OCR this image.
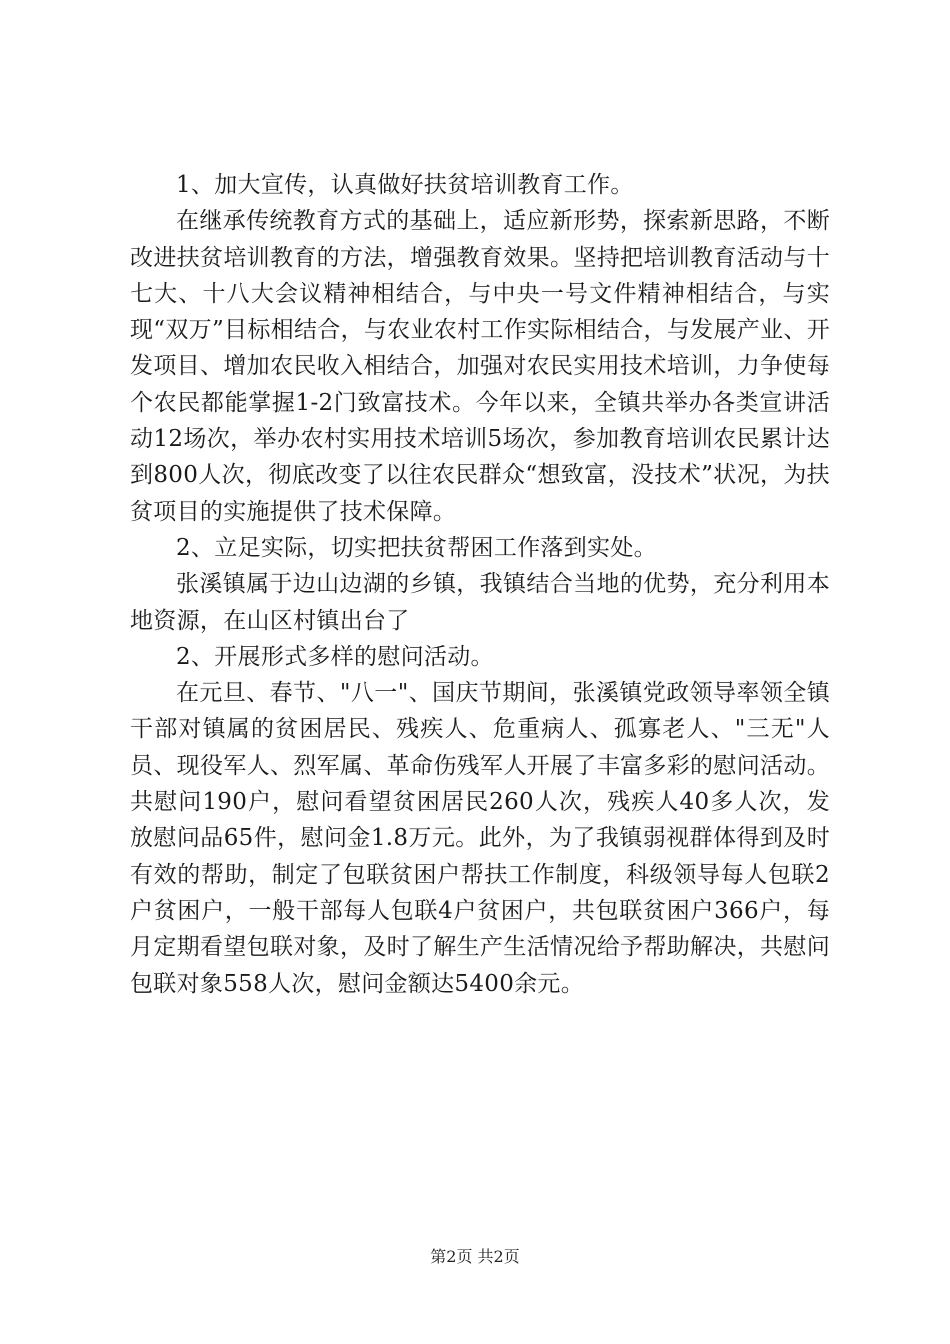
1、加大宣传，认真做好扶贫培训教育工作。

在继承传统教育方式的基础上，适应新形势，探索新思路，不断改进扶贫培训教育的方法，增强教育效果。坚持把培训教育活动与十七大、十八大会议精神相结合，与中央一号文件精神相结合，与实现“双万”目标相结合，与农业农村工作实际相结合，与发展产业、开发项目、增加农民收入相结合，加强对农民实用技术培训，力争使每个农民都能掌握1-2门致富技术。今年以来，全镇共举办各类宣讲活动12场次，举办农村实用技术培训5场次，参加教育培训农民累计达到800人次，彻底改变了以往农民群众“想致富，没技术”状况，为扶贫项目的实施提供了技术保障。

2、立足实际，切实把扶贫帮困工作落到实处。

张溪镇属于边山边湖的乡镇，我镇结合当地的优势，充分利用本地资源，在山区村镇出台了

2、开展形式多样的慰问活动。

在元旦、春节、"八一"、国庆节期间，张溪镇党政领导率领全镇干部对镇属的贫困居民、残疾人、危重病人、孤寡老人、"三无"人员、现役军人、烈军属、革命伤残军人开展了丰富多彩的慰问活动。共慰问190户，慰问看望贫困居民260人次，残疾人40多人次，发放慰问品65件，慰问金1.8万元。此外，为了我镇弱视群体得到及时有效的帮助，制定了包联贫困户帮扶工作制度，科级领导每人包联2户贫困户，一般干部每人包联4户贫困户，共包联贫困户366户，每月定期看望包联对象，及时了解生产生活情况给予帮助解决，共慰问包联对象558人次，慰问金额达5400余元。

第2页 共2页
